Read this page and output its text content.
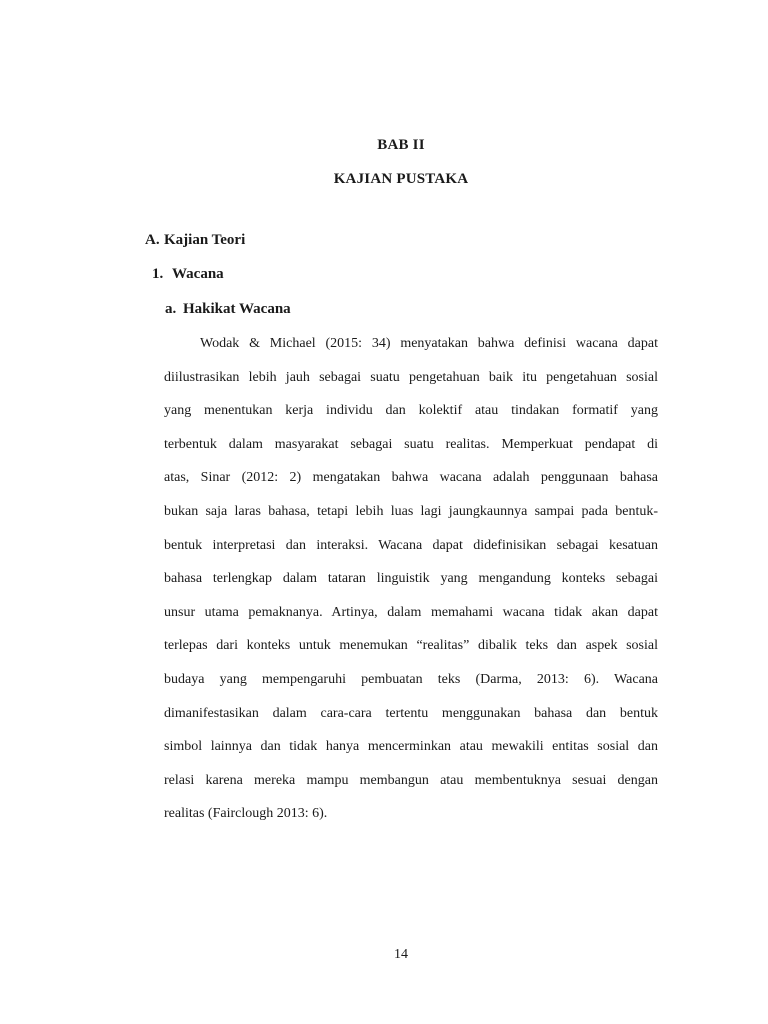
BAB II
KAJIAN PUSTAKA
A. Kajian Teori
1. Wacana
a. Hakikat Wacana
Wodak & Michael (2015: 34) menyatakan bahwa definisi wacana dapat
diilustrasikan lebih jauh sebagai suatu pengetahuan baik itu pengetahuan sosial
yang menentukan kerja individu dan kolektif atau tindakan formatif yang
terbentuk dalam masyarakat sebagai suatu realitas. Memperkuat pendapat di
atas, Sinar (2012: 2) mengatakan bahwa wacana adalah penggunaan bahasa
bukan saja laras bahasa, tetapi lebih luas lagi jaungkaunnya sampai pada bentuk-
bentuk interpretasi dan interaksi. Wacana dapat didefinisikan sebagai kesatuan
bahasa terlengkap dalam tataran linguistik yang mengandung konteks sebagai
unsur utama pemaknanya. Artinya, dalam memahami wacana tidak akan dapat
terlepas dari konteks untuk menemukan “realitas” dibalik teks dan aspek sosial
budaya yang mempengaruhi pembuatan teks (Darma, 2013: 6). Wacana
dimanifestasikan dalam cara-cara tertentu menggunakan bahasa dan bentuk
simbol lainnya dan tidak hanya mencerminkan atau mewakili entitas sosial dan
relasi karena mereka mampu membangun atau membentuknya sesuai dengan
realitas (Fairclough 2013: 6).
14
